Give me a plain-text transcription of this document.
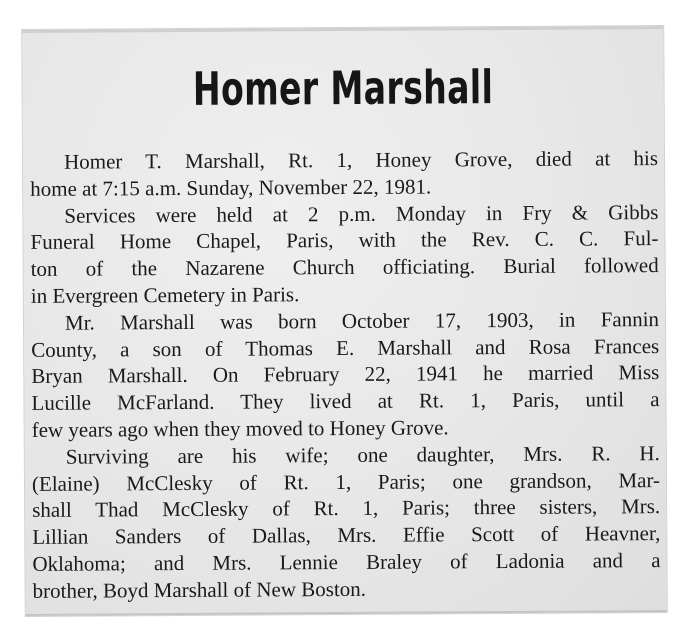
Homer Marshall
Homer T. Marshall, Rt. 1, Honey Grove, died at his
home at 7:15 a.m. Sunday, November 22, 1981.
Services were held at 2 p.m. Monday in Fry & Gibbs
Funeral Home Chapel, Paris, with the Rev. C. C. Ful-
ton of the Nazarene Church officiating. Burial followed
in Evergreen Cemetery in Paris.
Mr. Marshall was born October 17, 1903, in Fannin
County, a son of Thomas E. Marshall and Rosa Frances
Bryan Marshall. On February 22, 1941 he married Miss
Lucille McFarland. They lived at Rt. 1, Paris, until a
few years ago when they moved to Honey Grove.
Surviving are his wife; one daughter, Mrs. R. H.
(Elaine) McClesky of Rt. 1, Paris; one grandson, Mar-
shall Thad McClesky of Rt. 1, Paris; three sisters, Mrs.
Lillian Sanders of Dallas, Mrs. Effie Scott of Heavner,
Oklahoma; and Mrs. Lennie Braley of Ladonia and a
brother, Boyd Marshall of New Boston.
